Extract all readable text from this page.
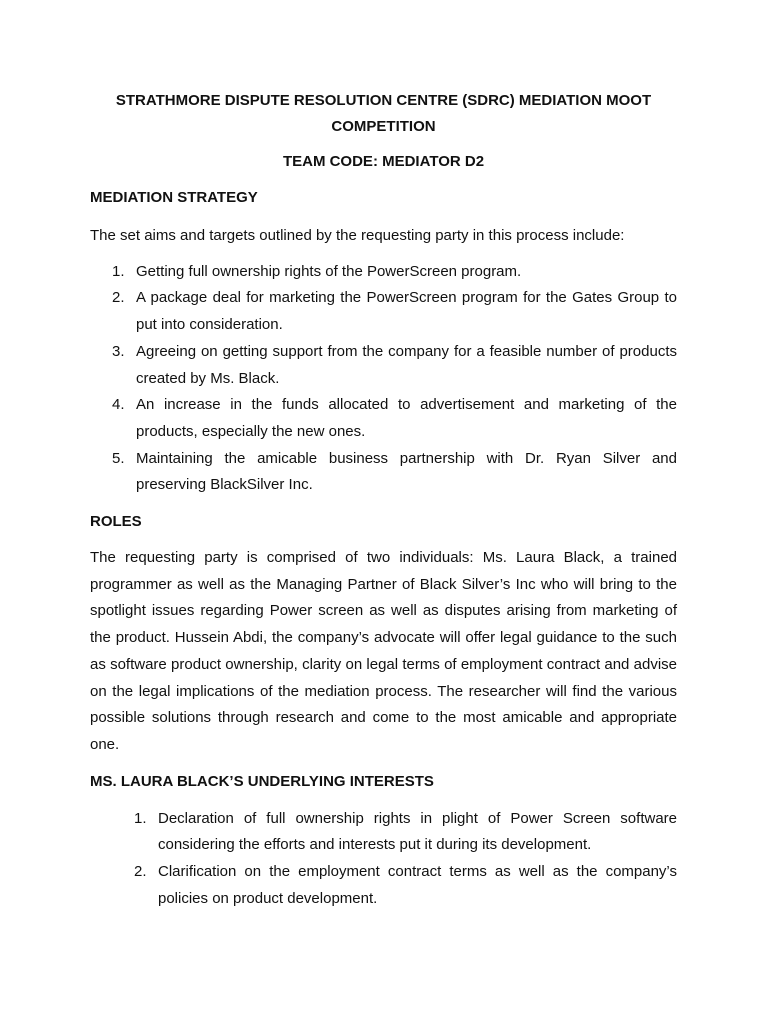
STRATHMORE DISPUTE RESOLUTION CENTRE (SDRC) MEDIATION MOOT COMPETITION

TEAM CODE: MEDIATOR D2

MEDIATION STRATEGY

The set aims and targets outlined by the requesting party in this process include:

1. Getting full ownership rights of the PowerScreen program.
2. A package deal for marketing the PowerScreen program for the Gates Group to put into consideration.
3. Agreeing on getting support from the company for a feasible number of products created by Ms. Black.
4. An increase in the funds allocated to advertisement and marketing of the products, especially the new ones.
5. Maintaining the amicable business partnership with Dr. Ryan Silver and preserving BlackSilver Inc.

ROLES

The requesting party is comprised of two individuals: Ms. Laura Black, a trained programmer as well as the Managing Partner of Black Silver’s Inc who will bring to the spotlight issues regarding Power screen as well as disputes arising from marketing of the product. Hussein Abdi, the company’s advocate will offer legal guidance to the such as software product ownership, clarity on legal terms of employment contract and advise on the legal implications of the mediation process. The researcher will find the various possible solutions through research and come to the most amicable and appropriate one.

MS. LAURA BLACK’S UNDERLYING INTERESTS

1. Declaration of full ownership rights in plight of Power Screen software considering the efforts and interests put it during its development.
2. Clarification on the employment contract terms as well as the company’s policies on product development.
